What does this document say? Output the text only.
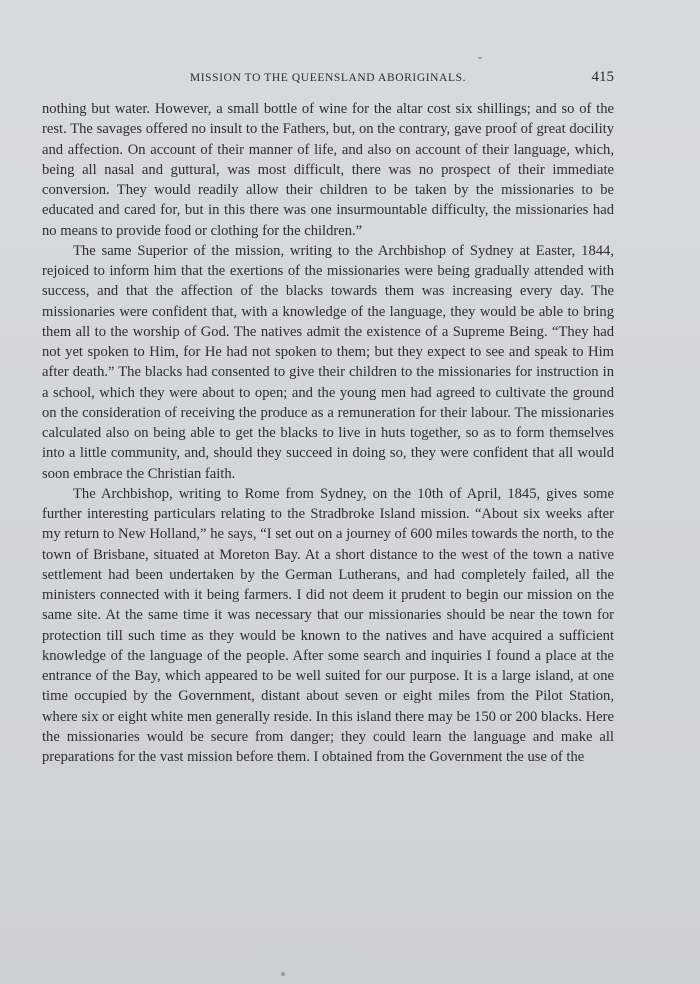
MISSION TO THE QUEENSLAND ABORIGINALS.	415

nothing but water. However, a small bottle of wine for the altar cost six shillings; and so of the rest. The savages offered no insult to the Fathers, but, on the contrary, gave proof of great docility and affection. On account of their manner of life, and also on account of their language, which, being all nasal and guttural, was most difficult, there was no prospect of their immediate conversion. They would readily allow their children to be taken by the missionaries to be educated and cared for, but in this there was one insurmountable difficulty, the missionaries had no means to provide food or clothing for the children.”

The same Superior of the mission, writing to the Archbishop of Sydney at Easter, 1844, rejoiced to inform him that the exertions of the missionaries were being gradually attended with success, and that the affection of the blacks towards them was increasing every day. The missionaries were confident that, with a knowledge of the language, they would be able to bring them all to the worship of God. The natives admit the existence of a Supreme Being. “They had not yet spoken to Him, for He had not spoken to them; but they expect to see and speak to Him after death.” The blacks had consented to give their children to the missionaries for instruction in a school, which they were about to open; and the young men had agreed to cultivate the ground on the consideration of receiving the produce as a remuneration for their labour. The missionaries calculated also on being able to get the blacks to live in huts together, so as to form themselves into a little community, and, should they succeed in doing so, they were confident that all would soon embrace the Christian faith.

The Archbishop, writing to Rome from Sydney, on the 10th of April, 1845, gives some further interesting particulars relating to the Stradbroke Island mission. “About six weeks after my return to New Holland,” he says, “I set out on a journey of 600 miles towards the north, to the town of Brisbane, situated at Moreton Bay. At a short distance to the west of the town a native settlement had been undertaken by the German Lutherans, and had completely failed, all the ministers connected with it being farmers. I did not deem it prudent to begin our mission on the same site. At the same time it was necessary that our missionaries should be near the town for protection till such time as they would be known to the natives and have acquired a sufficient knowledge of the language of the people. After some search and inquiries I found a place at the entrance of the Bay, which appeared to be well suited for our purpose. It is a large island, at one time occupied by the Government, distant about seven or eight miles from the Pilot Station, where six or eight white men generally reside. In this island there may be 150 or 200 blacks. Here the missionaries would be secure from danger; they could learn the language and make all preparations for the vast mission before them. I obtained from the Government the use of the
